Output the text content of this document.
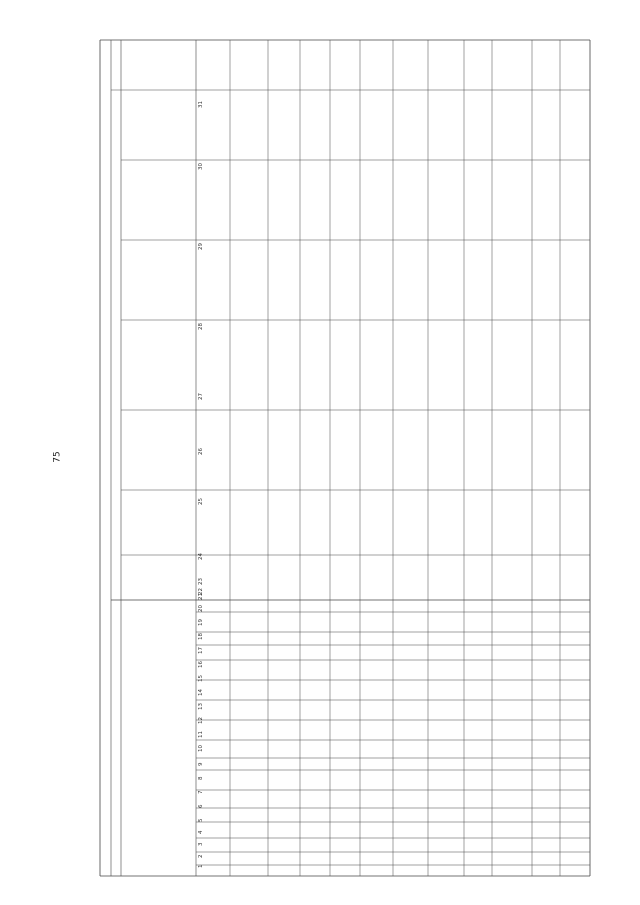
75
1
2
3
4
5
6
7
8
9
10
11
12
13
14
15
16
17
18
19
20
21
22
23
24
25
26
27
28
29
30
31
